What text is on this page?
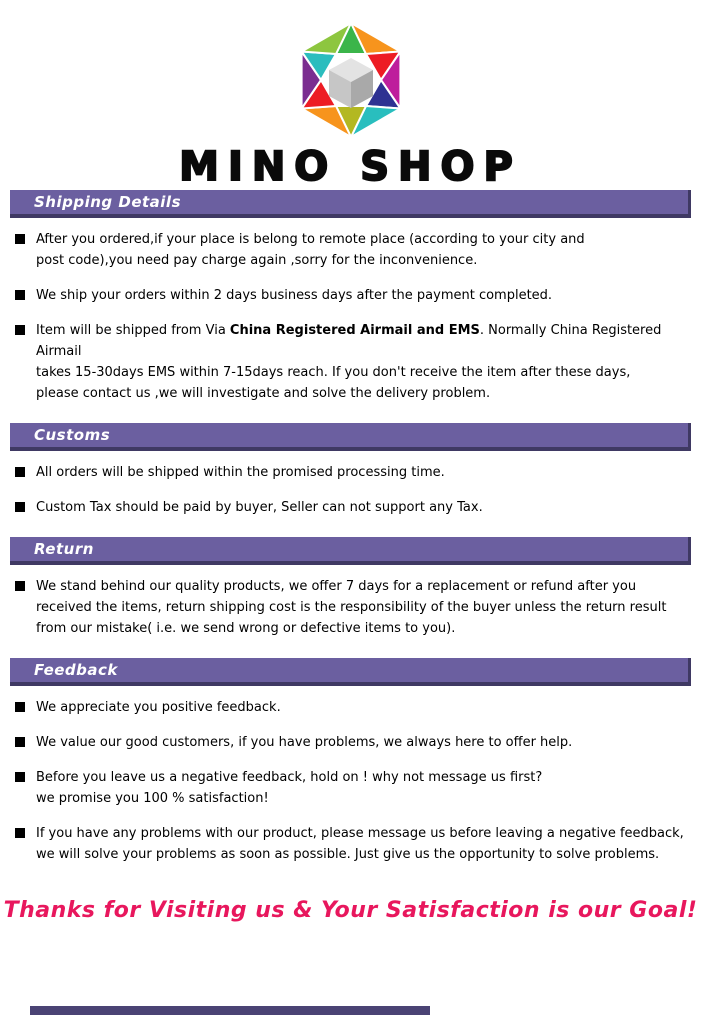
MINO SHOP
Shipping Details
After you ordered,if your place is belong to remote place (according to your city and
post code),you need pay charge again ,sorry for the inconvenience.
We ship your orders within 2 days business days after the payment completed.
Item will be shipped from Via China Registered Airmail and EMS. Normally China Registered Airmail
takes 15-30days EMS within 7-15days reach. If you don't receive the item after these days,
please contact us ,we will investigate and solve the delivery problem.
Customs
All orders will be shipped within the promised processing time.
Custom Tax should be paid by buyer, Seller can not support any Tax.
Return
We stand behind our quality products, we offer 7 days for a replacement or refund after you
received the items, return shipping cost is the responsibility of the buyer unless the return result
from our mistake( i.e. we send wrong or defective items to you).
Feedback
We appreciate you positive feedback.
We value our good customers, if you have problems, we always here to offer help.
Before you leave us a negative feedback, hold on ! why not message us first?
we promise you 100 % satisfaction!
If you have any problems with our product, please message us before leaving a negative feedback,
we will solve your problems as soon as possible. Just give us the opportunity to solve problems.
Thanks for Visiting us & Your Satisfaction is our Goal!
